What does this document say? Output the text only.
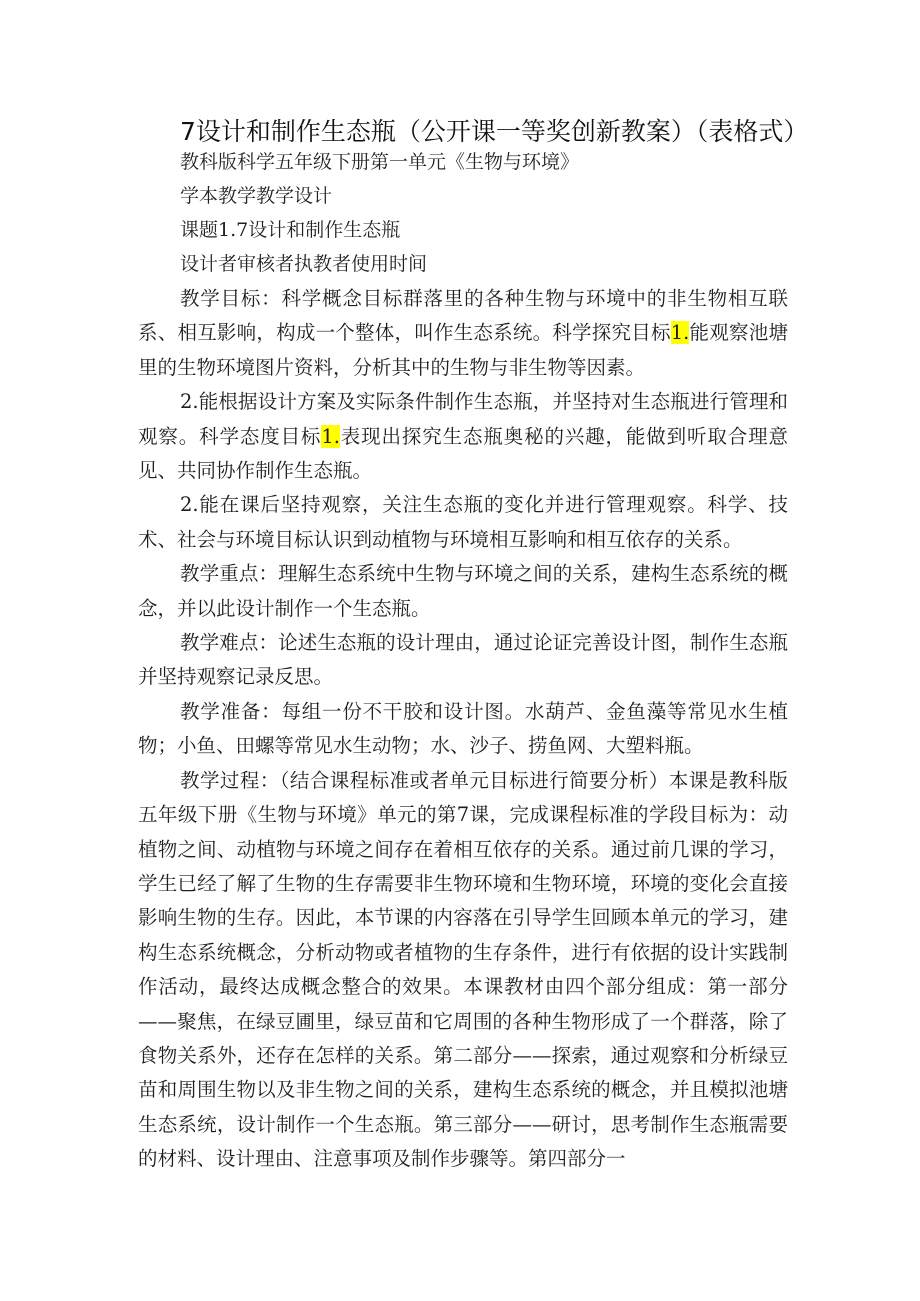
7设计和制作生态瓶（公开课一等奖创新教案）（表格式）

教科版科学五年级下册第一单元《生物与环境》

学本教学教学设计

课题1.7设计和制作生态瓶

设计者审核者执教者使用时间

教学目标：科学概念目标群落里的各种生物与环境中的非生物相互联系、相互影响，构成一个整体，叫作生态系统。科学探究目标1.能观察池塘里的生物环境图片资料，分析其中的生物与非生物等因素。

2.能根据设计方案及实际条件制作生态瓶，并坚持对生态瓶进行管理和观察。科学态度目标1.表现出探究生态瓶奥秘的兴趣，能做到听取合理意见、共同协作制作生态瓶。

2.能在课后坚持观察，关注生态瓶的变化并进行管理观察。科学、技术、社会与环境目标认识到动植物与环境相互影响和相互依存的关系。

教学重点：理解生态系统中生物与环境之间的关系，建构生态系统的概念，并以此设计制作一个生态瓶。

教学难点：论述生态瓶的设计理由，通过论证完善设计图，制作生态瓶并坚持观察记录反思。

教学准备：每组一份不干胶和设计图。水葫芦、金鱼藻等常见水生植物；小鱼、田螺等常见水生动物；水、沙子、捞鱼网、大塑料瓶。

教学过程：（结合课程标准或者单元目标进行简要分析）本课是教科版五年级下册《生物与环境》单元的第7课，完成课程标准的学段目标为：动植物之间、动植物与环境之间存在着相互依存的关系。通过前几课的学习，学生已经了解了生物的生存需要非生物环境和生物环境，环境的变化会直接影响生物的生存。因此，本节课的内容落在引导学生回顾本单元的学习，建构生态系统概念，分析动物或者植物的生存条件，进行有依据的设计实践制作活动，最终达成概念整合的效果。本课教材由四个部分组成：第一部分——聚焦，在绿豆圃里，绿豆苗和它周围的各种生物形成了一个群落，除了食物关系外，还存在怎样的关系。第二部分——探索，通过观察和分析绿豆苗和周围生物以及非生物之间的关系，建构生态系统的概念，并且模拟池塘生态系统，设计制作一个生态瓶。第三部分——研讨，思考制作生态瓶需要的材料、设计理由、注意事项及制作步骤等。第四部分一
